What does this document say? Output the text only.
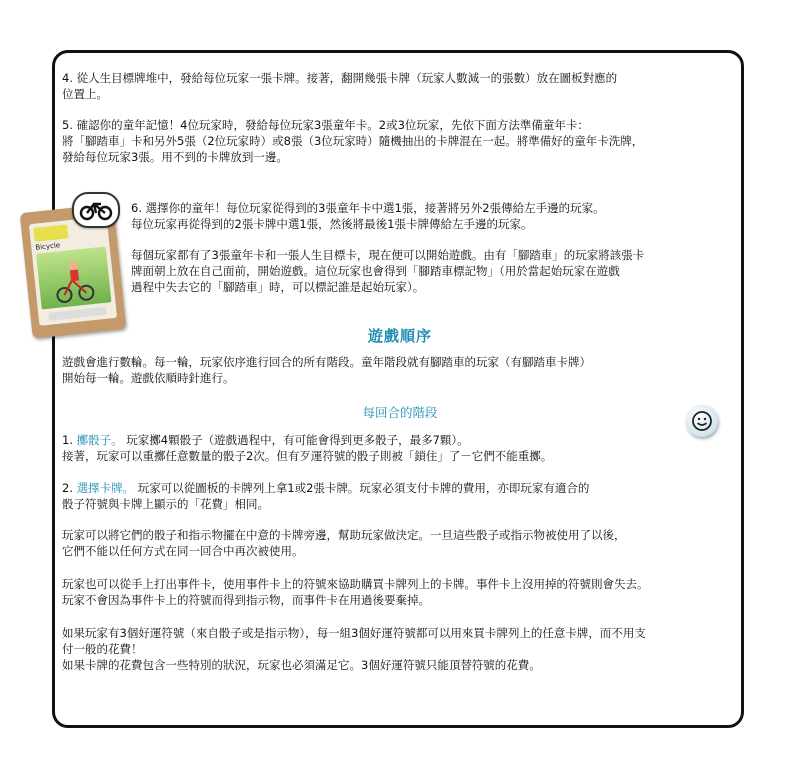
4. 從人生目標牌堆中，發給每位玩家一張卡牌。接著，翻開幾張卡牌（玩家人數減一的張數）放在圖板對應的
位置上。
5. 確認你的童年記憶！4位玩家時，發給每位玩家3張童年卡。2或3位玩家，先依下面方法準備童年卡：
將「腳踏車」卡和另外5張（2位玩家時）或8張（3位玩家時）隨機抽出的卡牌混在一起。將準備好的童年卡洗牌，
發給每位玩家3張。用不到的卡牌放到一邊。
Bicycle
6. 選擇你的童年！每位玩家從得到的3張童年卡中選1張，接著將另外2張傳給左手邊的玩家。
每位玩家再從得到的2張卡牌中選1張，然後將最後1張卡牌傳給左手邊的玩家。
每個玩家都有了3張童年卡和一張人生目標卡，現在便可以開始遊戲。由有「腳踏車」的玩家將該張卡
牌面朝上放在自己面前，開始遊戲。這位玩家也會得到「腳踏車標記物」（用於當起始玩家在遊戲
過程中失去它的「腳踏車」時，可以標記誰是起始玩家）。
遊戲順序
遊戲會進行數輪。每一輪，玩家依序進行回合的所有階段。童年階段就有腳踏車的玩家（有腳踏車卡牌）
開始每一輪。遊戲依順時針進行。
每回合的階段
1. 擲骰子。 玩家擲4顆骰子（遊戲過程中，有可能會得到更多骰子，最多7顆）。
接著，玩家可以重擲任意數量的骰子2次。但有歹運符號的骰子則被「鎖住」了－它們不能重擲。
2. 選擇卡牌。 玩家可以從圖板的卡牌列上拿1或2張卡牌。玩家必須支付卡牌的費用，亦即玩家有適合的
骰子符號與卡牌上顯示的「花費」相同。
玩家可以將它們的骰子和指示物擺在中意的卡牌旁邊，幫助玩家做決定。一旦這些骰子或指示物被使用了以後，
它們不能以任何方式在同一回合中再次被使用。
玩家也可以從手上打出事件卡，使用事件卡上的符號來協助購買卡牌列上的卡牌。事件卡上沒用掉的符號則會失去。
玩家不會因為事件卡上的符號而得到指示物，而事件卡在用過後要棄掉。
如果玩家有3個好運符號（來自骰子或是指示物），每一組3個好運符號都可以用來買卡牌列上的任意卡牌，而不用支
付一般的花費！
如果卡牌的花費包含一些特別的狀況，玩家也必須滿足它。3個好運符號只能頂替符號的花費。
